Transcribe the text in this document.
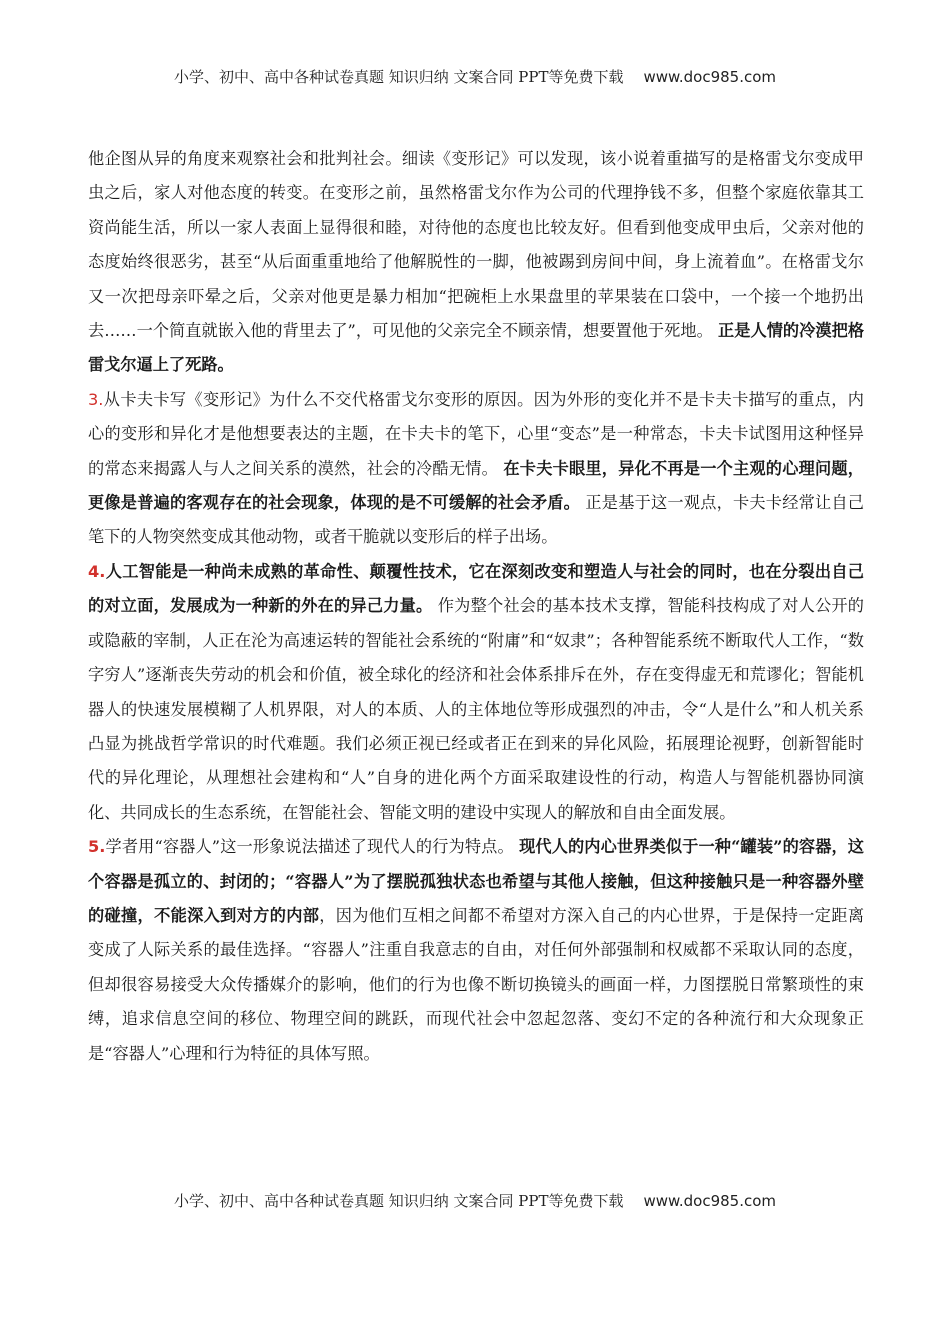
小学、初中、高中各种试卷真题 知识归纳 文案合同 PPT等免费下载 www.doc985.com

他企图从异的角度来观察社会和批判社会。细读《变形记》可以发现，该小说着重描写的是格雷戈尔变成甲虫之后，家人对他态度的转变。在变形之前，虽然格雷戈尔作为公司的代理挣钱不多，但整个家庭依靠其工资尚能生活，所以一家人表面上显得很和睦，对待他的态度也比较友好。但看到他变成甲虫后，父亲对他的态度始终很恶劣，甚至“从后面重重地给了他解脱性的一脚，他被踢到房间中间，身上流着血”。在格雷戈尔又一次把母亲吓晕之后，父亲对他更是暴力相加“把碗柜上水果盘里的苹果装在口袋中，一个接一个地扔出去……一个简直就嵌入他的背里去了”，可见他的父亲完全不顾亲情，想要置他于死地。 正是人情的冷漠把格雷戈尔逼上了死路。

3.从卡夫卡写《变形记》为什么不交代格雷戈尔变形的原因。因为外形的变化并不是卡夫卡描写的重点，内心的变形和异化才是他想要表达的主题，在卡夫卡的笔下，心里“变态”是一种常态，卡夫卡试图用这种怪异的常态来揭露人与人之间关系的漠然，社会的冷酷无情。 在卡夫卡眼里，异化不再是一个主观的心理问题，更像是普遍的客观存在的社会现象，体现的是不可缓解的社会矛盾。 正是基于这一观点，卡夫卡经常让自己笔下的人物突然变成其他动物，或者干脆就以变形后的样子出场。

4.人工智能是一种尚未成熟的革命性、颠覆性技术，它在深刻改变和塑造人与社会的同时，也在分裂出自己的对立面，发展成为一种新的外在的异己力量。 作为整个社会的基本技术支撑，智能科技构成了对人公开的或隐蔽的宰制，人正在沦为高速运转的智能社会系统的“附庸”和“奴隶”；各种智能系统不断取代人工作，“数字穷人”逐渐丧失劳动的机会和价值，被全球化的经济和社会体系排斥在外，存在变得虚无和荒谬化；智能机器人的快速发展模糊了人机界限，对人的本质、人的主体地位等形成强烈的冲击，令“人是什么”和人机关系凸显为挑战哲学常识的时代难题。我们必须正视已经或者正在到来的异化风险，拓展理论视野，创新智能时代的异化理论，从理想社会建构和“人”自身的进化两个方面采取建设性的行动，构造人与智能机器协同演化、共同成长的生态系统，在智能社会、智能文明的建设中实现人的解放和自由全面发展。

5.学者用“容器人”这一形象说法描述了现代人的行为特点。 现代人的内心世界类似于一种“罐装”的容器，这个容器是孤立的、封闭的；“容器人”为了摆脱孤独状态也希望与其他人接触，但这种接触只是一种容器外壁的碰撞，不能深入到对方的内部，因为他们互相之间都不希望对方深入自己的内心世界，于是保持一定距离变成了人际关系的最佳选择。“容器人”注重自我意志的自由，对任何外部强制和权威都不采取认同的态度，但却很容易接受大众传播媒介的影响，他们的行为也像不断切换镜头的画面一样，力图摆脱日常繁琐性的束缚，追求信息空间的移位、物理空间的跳跃，而现代社会中忽起忽落、变幻不定的各种流行和大众现象正是“容器人”心理和行为特征的具体写照。

小学、初中、高中各种试卷真题 知识归纳 文案合同 PPT等免费下载 www.doc985.com
